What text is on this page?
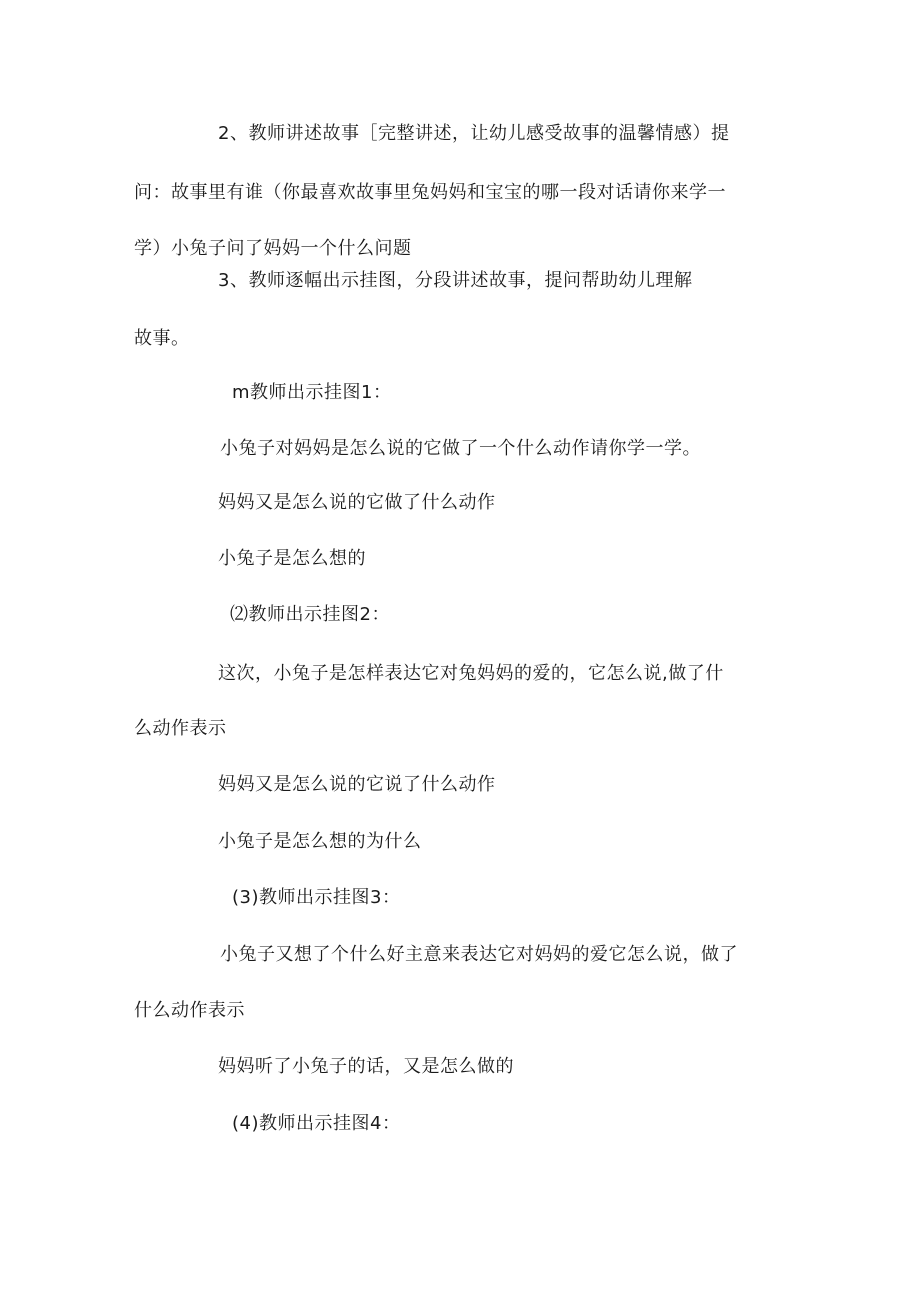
2、教师讲述故事［完整讲述，让幼儿感受故事的温馨情感）提
问：故事里有谁（你最喜欢故事里兔妈妈和宝宝的哪一段对话请你来学一
学）小兔子问了妈妈一个什么问题
3、教师逐幅出示挂图，分段讲述故事，提问帮助幼儿理解
故事。
m教师出示挂图1：
小兔子对妈妈是怎么说的它做了一个什么动作请你学一学。
妈妈又是怎么说的它做了什么动作
小兔子是怎么想的
⑵教师出示挂图2：
这次，小兔子是怎样表达它对兔妈妈的爱的，它怎么说,做了什
么动作表示
妈妈又是怎么说的它说了什么动作
小兔子是怎么想的为什么
(3)教师出示挂图3：
小兔子又想了个什么好主意来表达它对妈妈的爱它怎么说，做了
什么动作表示
妈妈听了小兔子的话，又是怎么做的
(4)教师出示挂图4：
